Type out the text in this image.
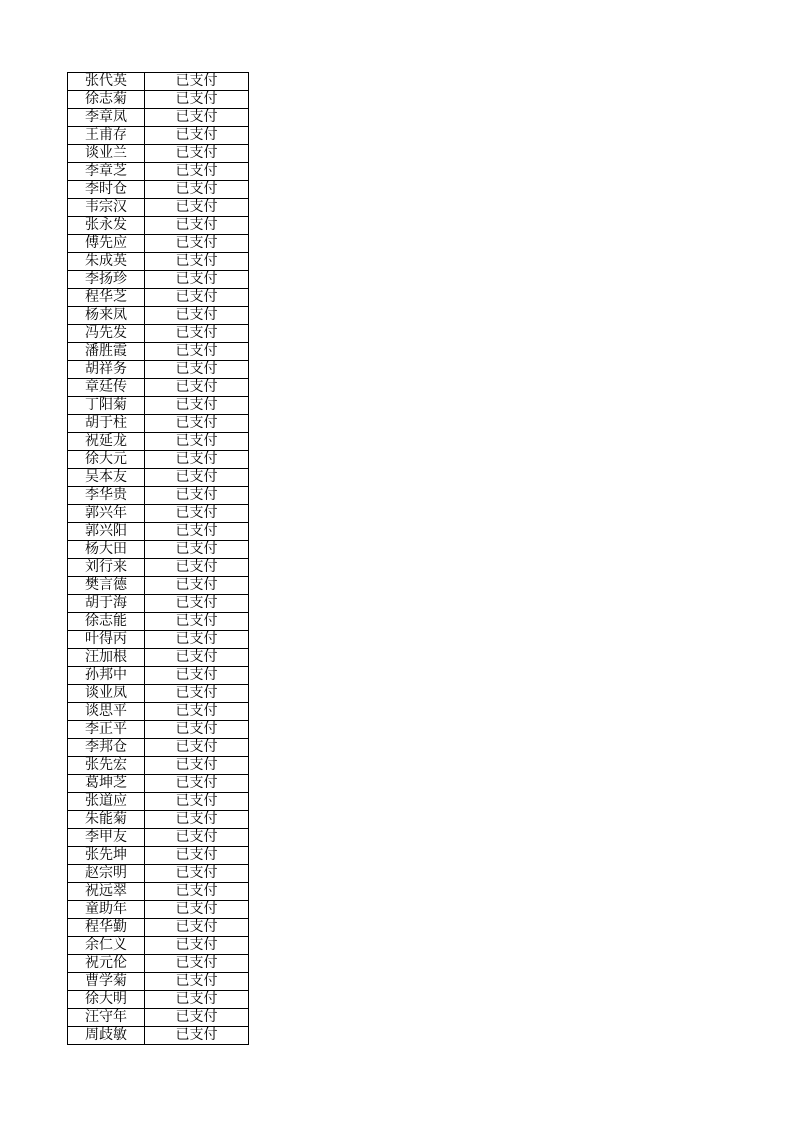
张代英	已支付
徐志菊	已支付
李章凤	已支付
王甫存	已支付
谈业兰	已支付
李章芝	已支付
李时仓	已支付
韦宗汉	已支付
张永发	已支付
傅先应	已支付
朱成英	已支付
李扬珍	已支付
程华芝	已支付
杨来凤	已支付
冯先发	已支付
潘胜霞	已支付
胡祥务	已支付
章廷传	已支付
丁阳菊	已支付
胡于柱	已支付
祝延龙	已支付
徐大元	已支付
吴本友	已支付
李华贵	已支付
郭兴年	已支付
郭兴阳	已支付
杨大田	已支付
刘行来	已支付
樊言德	已支付
胡于海	已支付
徐志能	已支付
叶得丙	已支付
汪加根	已支付
孙邦中	已支付
谈业凤	已支付
谈思平	已支付
李正平	已支付
李邦仓	已支付
张先宏	已支付
葛坤芝	已支付
张道应	已支付
朱能菊	已支付
李甲友	已支付
张先坤	已支付
赵宗明	已支付
祝远翠	已支付
童助年	已支付
程华勤	已支付
余仁义	已支付
祝元伦	已支付
曹学菊	已支付
徐大明	已支付
汪守年	已支付
周歧敏	已支付
